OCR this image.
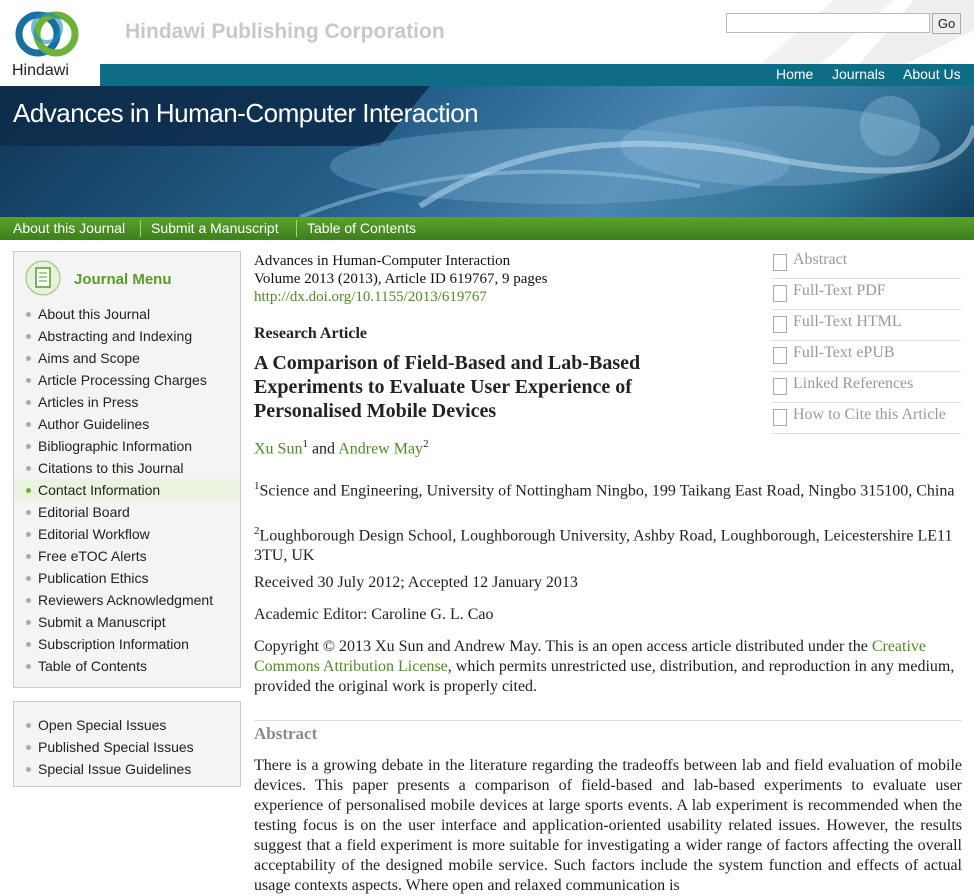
Hindawi
Hindawi Publishing Corporation	Go
Home Journals About Us
Advances in Human-Computer Interaction
About this Journal Submit a Manuscript Table of Contents
Journal Menu
About this Journal
Abstracting and Indexing
Aims and Scope
Article Processing Charges
Articles in Press
Author Guidelines
Bibliographic Information
Citations to this Journal
Contact Information
Editorial Board
Editorial Workflow
Free eTOC Alerts
Publication Ethics
Reviewers Acknowledgment
Submit a Manuscript
Subscription Information
Table of Contents
Open Special Issues
Published Special Issues
Special Issue Guidelines
Advances in Human-Computer Interaction
Volume 2013 (2013), Article ID 619767, 9 pages
http://dx.doi.org/10.1155/2013/619767
Research Article
A Comparison of Field-Based and Lab-Based Experiments to Evaluate User Experience of Personalised Mobile Devices
Xu Sun$^1$ and Andrew May$^2$
$^1$Science and Engineering, University of Nottingham Ningbo, 199 Taikang East Road, Ningbo 315100, China
$^2$Loughborough Design School, Loughborough University, Ashby Road, Loughborough, Leicestershire LE11 3TU, UK
Received 30 July 2012; Accepted 12 January 2013
Academic Editor: Caroline G. L. Cao
Copyright © 2013 Xu Sun and Andrew May. This is an open access article distributed under the Creative Commons Attribution License, which permits unrestricted use, distribution, and reproduction in any medium, provided the original work is properly cited.
Abstract
There is a growing debate in the literature regarding the tradeoffs between lab and field evaluation of mobile devices. This paper presents a comparison of field-based and lab-based experiments to evaluate user experience of personalised mobile devices at large sports events. A lab experiment is recommended when the testing focus is on the user interface and application-oriented usability related issues. However, the results suggest that a field experiment is more suitable for investigating a wider range of factors affecting the overall acceptability of the designed mobile service. Such factors include the system function and effects of actual usage contexts aspects. Where open and relaxed communication is
Abstract
Full-Text PDF
Full-Text HTML
Full-Text ePUB
Linked References
How to Cite this Article
